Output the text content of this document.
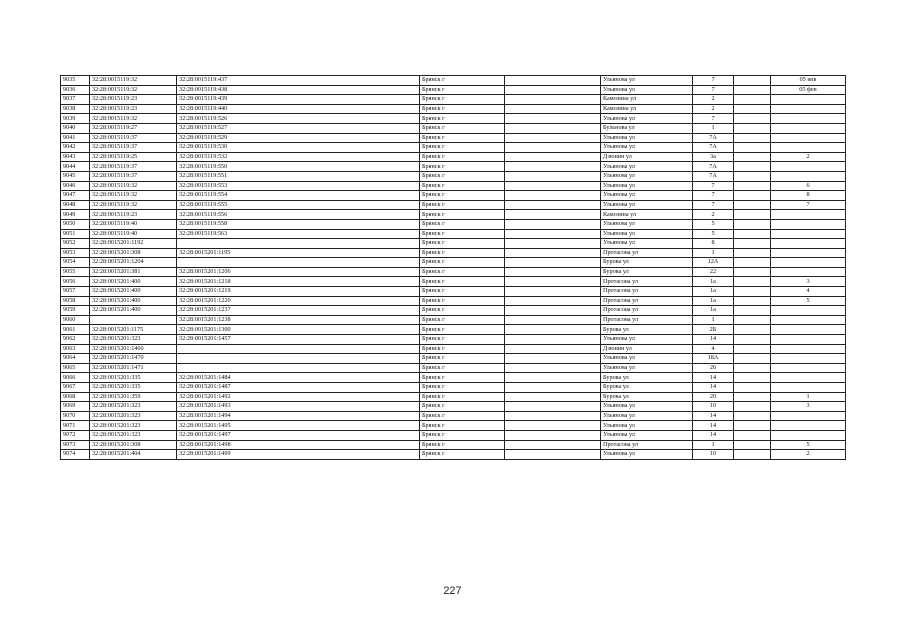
9035	32:28:0015119:32	32:28:0015119:437	Брянск г		Ульянова ул	7		05 янв
9036	32:28:0015119:32	32:28:0015119:438	Брянск г		Ульянова ул	7		05 фев
9037	32:28:0015119:23	32:28:0015119:439	Брянск г		Камозина ул	2		
9038	32:28:0015119:23	32:28:0015119:440	Брянск г		Камозина ул	2		
9039	32:28:0015119:32	32:28:0015119:526	Брянск г		Ульянова ул	7		
9040	32:28:0015119:27	32:28:0015119:527	Брянск г		Бульнова ул	1		
9041	32:28:0015119:37	32:28:0015119:529	Брянск г		Ульянова ул	7А		
9042	32:28:0015119:37	32:28:0015119:530	Брянск г		Ульянова ул	7А		
9043	32:28:0015119:25	32:28:0015119:532	Брянск г		Дзюнин ул	3а		2
9044	32:28:0015119:37	32:28:0015119:550	Брянск г		Ульянова ул	7А		
9045	32:28:0015119:37	32:28:0015119:551	Брянск г		Ульянова ул	7А		
9046	32:28:0015119:32	32:28:0015119:553	Брянск г		Ульянова ул	7		6
9047	32:28:0015119:32	32:28:0015119:554	Брянск г		Ульянова ул	7		8
9048	32:28:0015119:32	32:28:0015119:555	Брянск г		Ульянова ул	7		7
9049	32:28:0015119:23	32:28:0015119:556	Брянск г		Камозина ул	2		
9050	32:28:0015119:40	32:28:0015119:558	Брянск г		Ульянова ул	5		
9051	32:28:0015119:40	32:28:0015119:563	Брянск г		Ульянова ул	5		
9052	32:28:0015201:1192		Брянск г		Ульянова ул	8		
9053	32:28:0015201:308	32:28:0015201:1195	Брянск г		Протасова ул	1		
9054	32:28:0015201:1204		Брянск г		Бурова ул	12А		
9055	32:28:0015201:381	32:28:0015201:1206	Брянск г		Бурова ул	22		
9056	32:28:0015201:400	32:28:0015201:1218	Брянск г		Протасова ул	1а		3
9057	32:28:0015201:400	32:28:0015201:1219	Брянск г		Протасова ул	1а		4
9058	32:28:0015201:400	32:28:0015201:1220	Брянск г		Протасова ул	1а		5
9059	32:28:0015201:400	32:28:0015201:1237	Брянск г		Протасова ул	1а		
9060		32:28:0015201:1238	Брянск г		Протасова ул	1		
9061	32:28:0015201:1175	32:28:0015201:1300	Брянск г		Бурова ул	2Б		
9062	32:28:0015201:323	32:28:0015201:1457	Брянск г		Ульянова ул	14		
9063	32:28:0015201:1460		Брянск г		Дзюнин ул	4		
9064	32:28:0015201:1470		Брянск г		Ульянова ул	18А		
9065	32:28:0015201:1471		Брянск г		Ульянова ул	26		
9066	32:28:0015201:335	32:28:0015201:1484	Брянск г		Бурова ул	14		
9067	32:28:0015201:335	32:28:0015201:1487	Брянск г		Бурова ул	14		
9068	32:28:0015201:359	32:28:0015201:1492	Брянск г		Бурова ул	20		1
9069	32:28:0015201:323	32:28:0015201:1493	Брянск г		Ульянова ул	10		3
9070	32:28:0015201:323	32:28:0015201:1494	Брянск г		Ульянова ул	14		
9071	32:28:0015201:323	32:28:0015201:1495	Брянск г		Ульянова ул	14		
9072	32:28:0015201:323	32:28:0015201:1497	Брянск г		Ульянова ул	14		
9073	32:28:0015201:308	32:28:0015201:1498	Брянск г		Протасова ул	1		5
9074	32:28:0015201:404	32:28:0015201:1499	Брянск г		Ульянова ул	10		2
227
